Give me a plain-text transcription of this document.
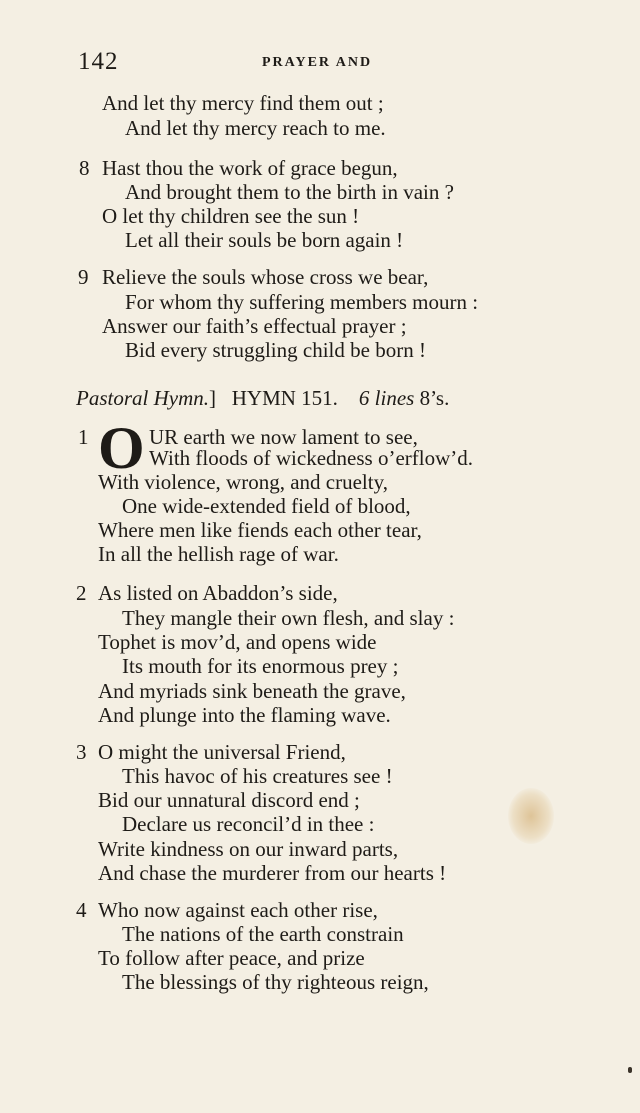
142	PRAYER AND
And let thy mercy find them out ;
And let thy mercy reach to me.
8 Hast thou the work of grace begun,
And brought them to the birth in vain ?
O let thy children see the sun !
Let all their souls be born again !
9 Relieve the souls whose cross we bear,
For whom thy suffering members mourn :
Answer our faith’s effectual prayer ;
Bid every struggling child be born !
Pastoral Hymn.] HYMN 151. 6 lines 8’s.
1 O UR earth we now lament to see,
With floods of wickedness o’erflow’d.
With violence, wrong, and cruelty,
One wide-extended field of blood,
Where men like fiends each other tear,
In all the hellish rage of war.
2 As listed on Abaddon’s side,
They mangle their own flesh, and slay :
Tophet is mov’d, and opens wide
Its mouth for its enormous prey ;
And myriads sink beneath the grave,
And plunge into the flaming wave.
3 O might the universal Friend,
This havoc of his creatures see !
Bid our unnatural discord end ;
Declare us reconcil’d in thee :
Write kindness on our inward parts,
And chase the murderer from our hearts !
4 Who now against each other rise,
The nations of the earth constrain
To follow after peace, and prize
The blessings of thy righteous reign,
